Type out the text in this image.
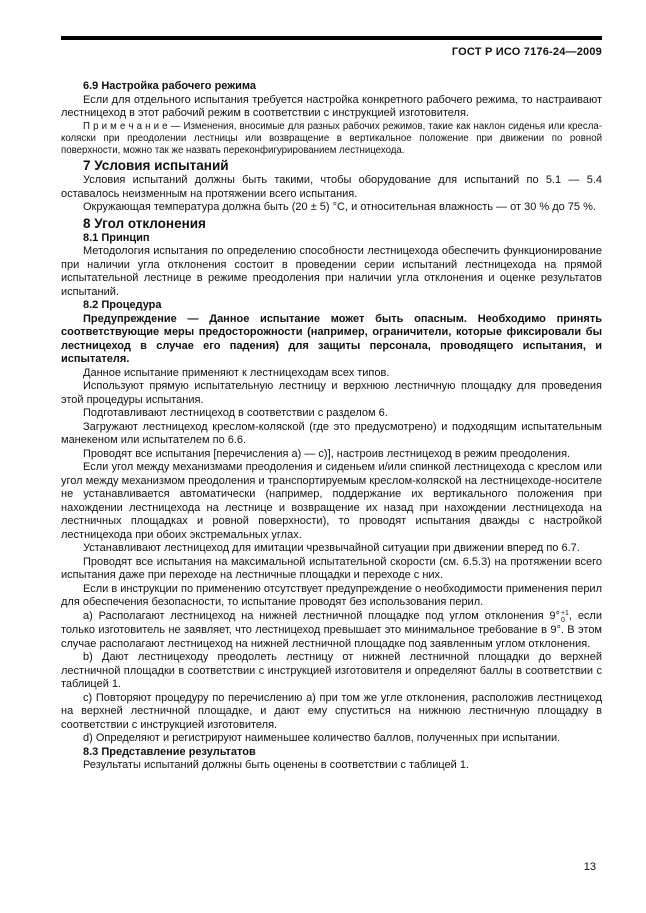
ГОСТ Р ИСО 7176-24—2009

6.9 Настройка рабочего режима

Если для отдельного испытания требуется настройка конкретного рабочего режима, то настраивают лестницеход в этот рабочий режим в соответствии с инструкцией изготовителя.

П р и м е ч а н и е — Изменения, вносимые для разных рабочих режимов, такие как наклон сиденья или кресла-коляски при преодолении лестницы или возвращение в вертикальное положение при движении по ровной поверхности, можно так же назвать переконфигурированием лестницехода.

7 Условия испытаний

Условия испытаний должны быть такими, чтобы оборудование для испытаний по 5.1 — 5.4 оставалось неизменным на протяжении всего испытания.

Окружающая температура должна быть (20 ± 5) °С, и относительная влажность — от 30 % до 75 %.

8 Угол отклонения

8.1 Принцип

Методология испытания по определению способности лестницехода обеспечить функционирование при наличии угла отклонения состоит в проведении серии испытаний лестницехода на прямой испытательной лестнице в режиме преодоления при наличии угла отклонения и оценке результатов испытаний.

8.2 Процедура

Предупреждение — Данное испытание может быть опасным. Необходимо принять соответствующие меры предосторожности (например, ограничители, которые фиксировали бы лестницеход в случае его падения) для защиты персонала, проводящего испытания, и испытателя.

Данное испытание применяют к лестницеходам всех типов.

Используют прямую испытательную лестницу и верхнюю лестничную площадку для проведения этой процедуры испытания.

Подготавливают лестницеход в соответствии с разделом 6.

Загружают лестницеход креслом-коляской (где это предусмотрено) и подходящим испытательным манекеном или испытателем по 6.6.

Проводят все испытания [перечисления а) — с)], настроив лестницеход в режим преодоления.

Если угол между механизмами преодоления и сиденьем и/или спинкой лестницехода с креслом или угол между механизмом преодоления и транспортируемым креслом-коляской на лестницеходе-носителе не устанавливается автоматически (например, поддержание их вертикального положения при нахождении лестницехода на лестнице и возвращение их назад при нахождении лестницехода на лестничных площадках и ровной поверхности), то проводят испытания дважды с настройкой лестницехода при обоих экстремальных углах.

Устанавливают лестницеход для имитации чрезвычайной ситуации при движении вперед по 6.7.

Проводят все испытания на максимальной испытательной скорости (см. 6.5.3) на протяжении всего испытания даже при переходе на лестничные площадки и переходе с них.

Если в инструкции по применению отсутствует предупреждение о необходимости применения перил для обеспечения безопасности, то испытание проводят без использования перил.

а) Располагают лестницеход на нижней лестничной площадке под углом отклонения 9° +1
0 , если только изготовитель не заявляет, что лестницеход превышает это минимальное требование в 9°. В этом случае располагают лестницеход на нижней лестничной площадке под заявленным углом отклонения.

b) Дают лестницеходу преодолеть лестницу от нижней лестничной площадки до верхней лестничной площадки в соответствии с инструкцией изготовителя и определяют баллы в соответствии с таблицей 1.

с) Повторяют процедуру по перечислению а) при том же угле отклонения, расположив лестницеход на верхней лестничной площадке, и дают ему спуститься на нижнюю лестничную площадку в соответствии с инструкцией изготовителя.

d) Определяют и регистрируют наименьшее количество баллов, полученных при испытании.

8.3 Представление результатов

Результаты испытаний должны быть оценены в соответствии с таблицей 1.

13
